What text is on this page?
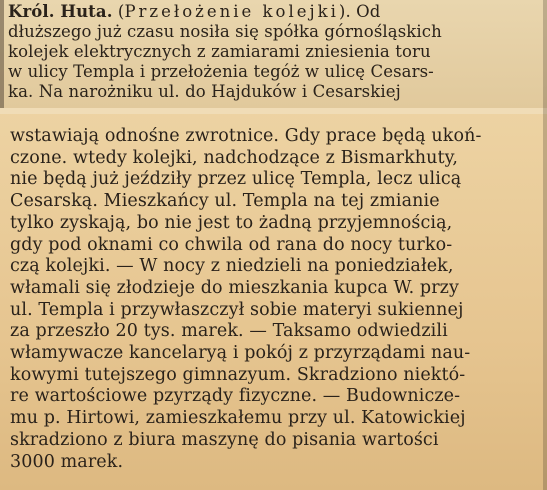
Król. Huta. (Przełożenie kolejki). Od
dłuższego już czasu nosiła się spółka górnośląskich
kolejek elektrycznych z zamiarami zniesienia toru
w ulicy Templa i przełożenia tegóż w ulicę Cesars-
ka. Na narożniku ul. do Hajduków i Cesarskiej
wstawiają odnośne zwrotnice. Gdy prace będą ukoń-
czone. wtedy kolejki, nadchodzące z Bismarkhuty,
nie będą już jeździły przez ulicę Templa, lecz ulicą
Cesarską. Mieszkańcy ul. Templa na tej zmianie
tylko zyskają, bo nie jest to żadną przyjemnością,
gdy pod oknami co chwila od rana do nocy turko-
czą kolejki. — W nocy z niedzieli na poniedziałek,
włamali się złodzieje do mieszkania kupca W. przy
ul. Templa i przywłaszczył sobie materyi sukiennej
za przeszło 20 tys. marek. — Taksamo odwiedzili
włamywacze kancelaryą i pokój z przyrządami nau-
kowymi tutejszego gimnazyum. Skradziono niektó-
re wartościowe pzyrządy fizyczne. — Budowniczе-
mu p. Hirtowi, zamieszkałemu przy ul. Katowickiej
skradziono z biura maszynę do pisania wartości
3000 marek.
